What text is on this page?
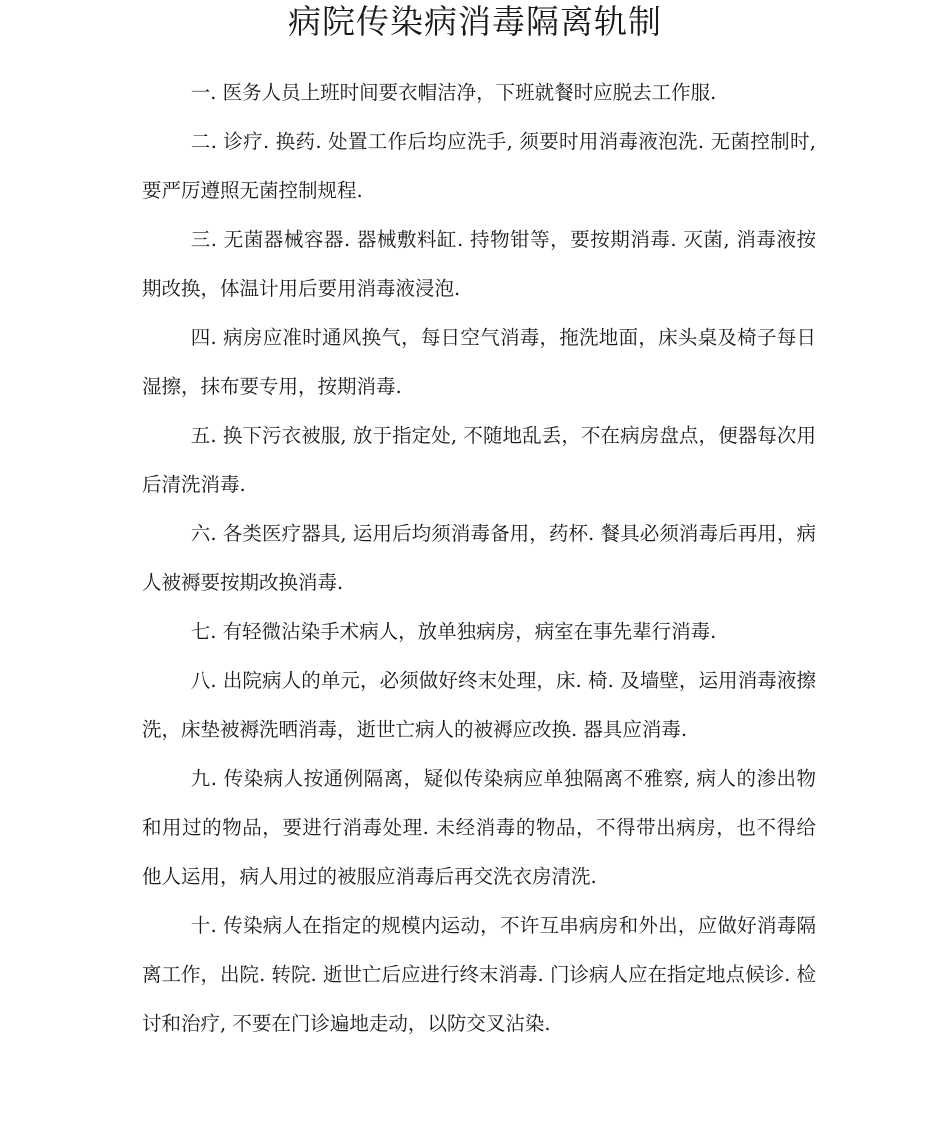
病院传染病消毒隔离轨制

一. 医务人员上班时间要衣帽洁净，下班就餐时应脱去工作服.

二. 诊疗. 换药. 处置工作后均应洗手, 须要时用消毒液泡洗. 无菌控制时, 要严厉遵照无菌控制规程.

三. 无菌器械容器. 器械敷料缸. 持物钳等，要按期消毒. 灭菌, 消毒液按期改换，体温计用后要用消毒液浸泡.

四. 病房应准时通风换气，每日空气消毒，拖洗地面，床头桌及椅子每日湿擦，抹布要专用，按期消毒.

五. 换下污衣被服, 放于指定处, 不随地乱丢，不在病房盘点，便器每次用后清洗消毒.

六. 各类医疗器具, 运用后均须消毒备用，药杯. 餐具必须消毒后再用，病人被褥要按期改换消毒.

七. 有轻微沾染手术病人，放单独病房，病室在事先辈行消毒.

八. 出院病人的单元，必须做好终末处理，床. 椅. 及墙壁，运用消毒液擦洗，床垫被褥洗晒消毒，逝世亡病人的被褥应改换. 器具应消毒.

九. 传染病人按通例隔离，疑似传染病应单独隔离不雅察, 病人的渗出物和用过的物品，要进行消毒处理. 未经消毒的物品，不得带出病房，也不得给他人运用，病人用过的被服应消毒后再交洗衣房清洗.

十. 传染病人在指定的规模内运动，不许互串病房和外出，应做好消毒隔离工作，出院. 转院. 逝世亡后应进行终末消毒. 门诊病人应在指定地点候诊. 检讨和治疗, 不要在门诊遍地走动，以防交叉沾染.
